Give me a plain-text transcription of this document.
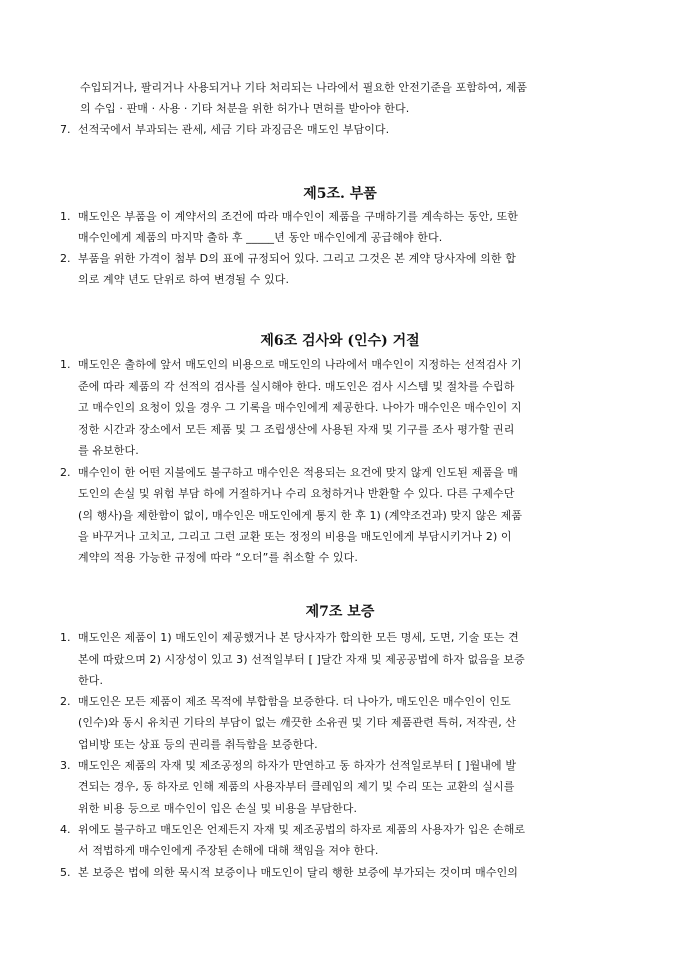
수입되거나, 팔리거나 사용되거나 기타 처리되는 나라에서 필요한 안전기준을 포함하여, 제품
의 수입 · 판매 · 사용 · 기타 처분을 위한 허가나 면허를 받아야 한다.
7. 선적국에서 부과되는 관세, 세금 기타 과징금은 매도인 부담이다.
제5조. 부품
1. 매도인은 부품을 이 계약서의 조건에 따라 매수인이 제품을 구매하기를 계속하는 동안, 또한
매수인에게 제품의 마지막 출하 후 _____년 동안 매수인에게 공급해야 한다.
2. 부품을 위한 가격이 첨부 D의 표에 규정되어 있다. 그리고 그것은 본 계약 당사자에 의한 합
의로 계약 년도 단위로 하여 변경될 수 있다.
제6조 검사와 (인수) 거절
1. 매도인은 출하에 앞서 매도인의 비용으로 매도인의 나라에서 매수인이 지정하는 선적검사 기
준에 따라 제품의 각 선적의 검사를 실시해야 한다. 매도인은 검사 시스템 및 절차를 수립하
고 매수인의 요청이 있을 경우 그 기록을 매수인에게 제공한다. 나아가 매수인은 매수인이 지
정한 시간과 장소에서 모든 제품 및 그 조립생산에 사용된 자재 및 기구를 조사 평가할 권리
를 유보한다.
2. 매수인이 한 어떤 지불에도 불구하고 매수인은 적용되는 요건에 맞지 않게 인도된 제품을 매
도인의 손실 및 위험 부담 하에 거절하거나 수리 요청하거나 반환할 수 있다. 다른 구제수단
(의 행사)을 제한함이 없이, 매수인은 매도인에게 통지 한 후 1) (계약조건과) 맞지 않은 제품
을 바꾸거나 고치고, 그리고 그런 교환 또는 정정의 비용을 매도인에게 부담시키거나 2) 이
계약의 적용 가능한 규정에 따라 “오더”를 취소할 수 있다.
제7조 보증
1. 매도인은 제품이 1) 매도인이 제공했거나 본 당사자가 합의한 모든 명세, 도면, 기술 또는 견
본에 따랐으며 2) 시장성이 있고 3) 선적일부터 [ ]달간 자재 및 제공공법에 하자 없음을 보증
한다.
2. 매도인은 모든 제품이 제조 목적에 부합함을 보증한다. 더 나아가, 매도인은 매수인이 인도
(인수)와 동시 유치권 기타의 부담이 없는 깨끗한 소유권 및 기타 제품관련 특허, 저작권, 산
업비방 또는 상표 등의 권리를 취득함을 보증한다.
3. 매도인은 제품의 자재 및 제조공정의 하자가 만연하고 동 하자가 선적일로부터 [ ]월내에 발
견되는 경우, 동 하자로 인해 제품의 사용자부터 클레임의 제기 및 수리 또는 교환의 실시를
위한 비용 등으로 매수인이 입은 손실 및 비용을 부담한다.
4. 위에도 불구하고 매도인은 언제든지 자재 및 제조공법의 하자로 제품의 사용자가 입은 손해로
서 적법하게 매수인에게 주장된 손해에 대해 책임을 져야 한다.
5. 본 보증은 법에 의한 묵시적 보증이나 매도인이 달리 행한 보증에 부가되는 것이며 매수인의
